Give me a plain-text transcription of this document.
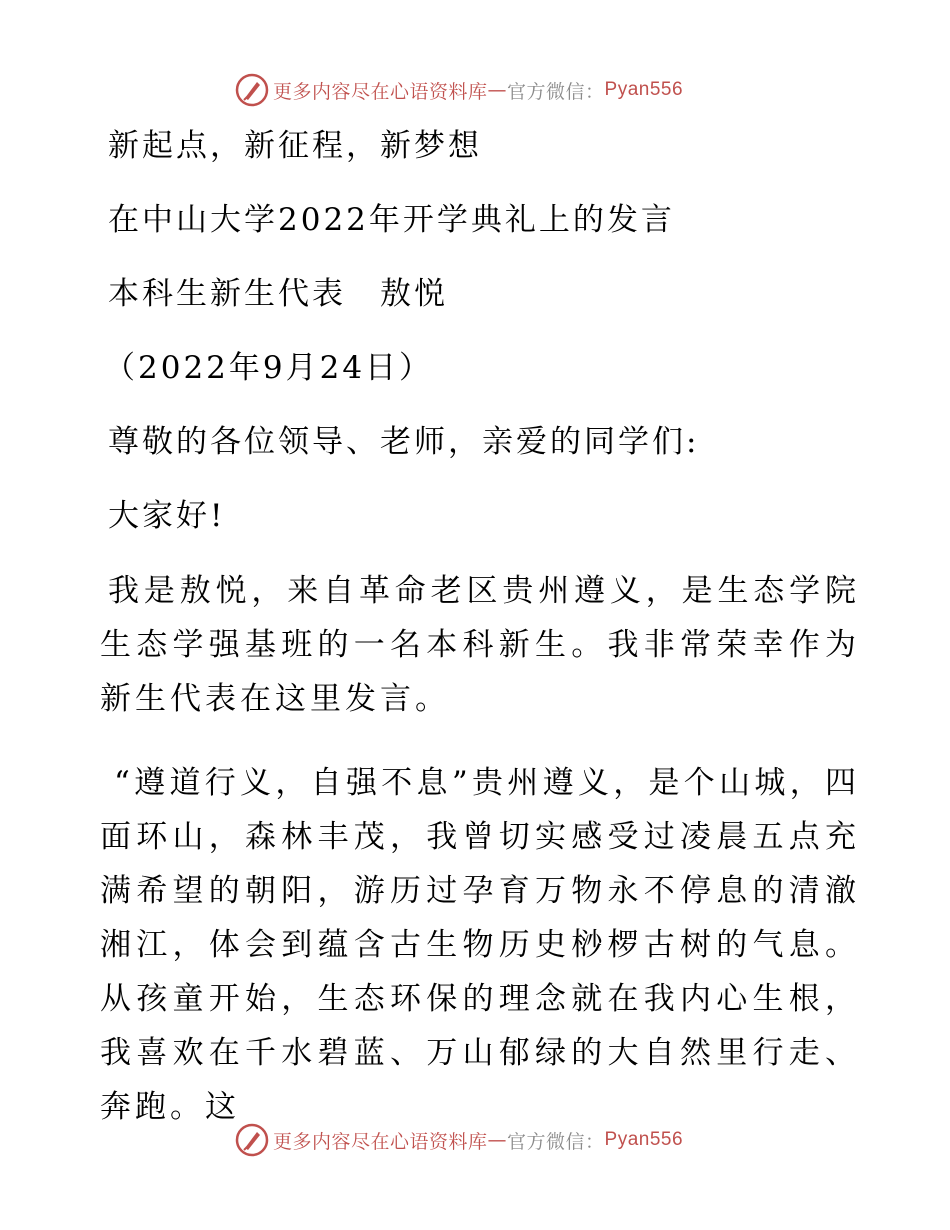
更多内容尽在心语资料库 — 官方微信： Pyan556
新起点，新征程，新梦想
在中山大学2022年开学典礼上的发言
本科生新生代表　敖悦
（2022年9月24日）
尊敬的各位领导、老师，亲爱的同学们:
大家好!
我是敖悦，来自革命老区贵州遵义，是生态学院生态学强基班的一名本科新生。我非常荣幸作为新生代表在这里发言。
“遵道行义，自强不息”贵州遵义，是个山城，四面环山，森林丰茂，我曾切实感受过凌晨五点充满希望的朝阳，游历过孕育万物永不停息的清澈湘江，体会到蕴含古生物历史桫椤古树的气息。从孩童开始，生态环保的理念就在我内心生根，我喜欢在千水碧蓝、万山郁绿的大自然里行走、奔跑。这
更多内容尽在心语资料库 — 官方微信： Pyan556
